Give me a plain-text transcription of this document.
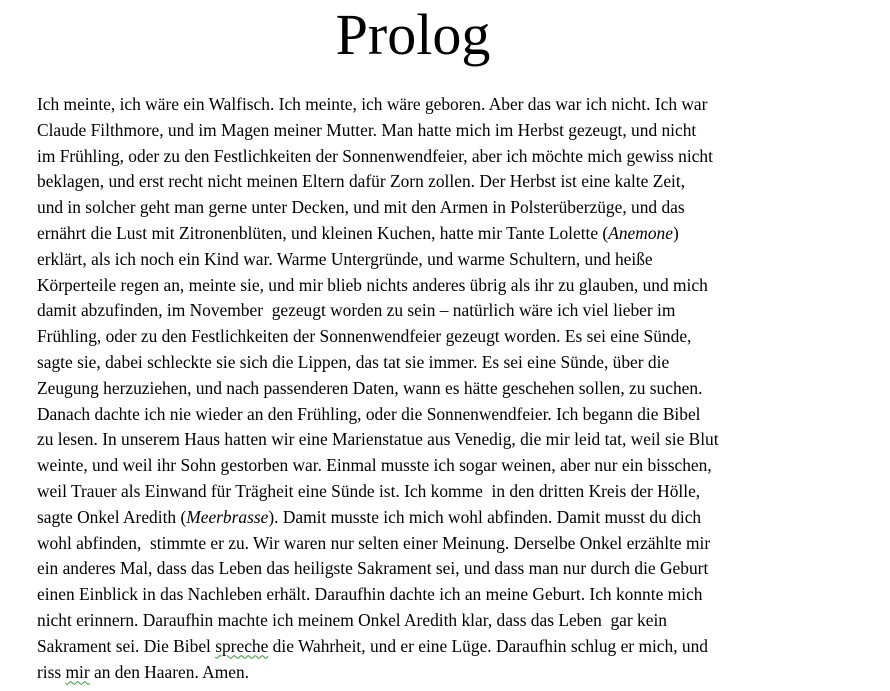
Prolog
Ich meinte, ich wäre ein Walfisch. Ich meinte, ich wäre geboren. Aber das war ich nicht. Ich war
Claude Filthmore, und im Magen meiner Mutter. Man hatte mich im Herbst gezeugt, und nicht
im Frühling, oder zu den Festlichkeiten der Sonnenwendfeier, aber ich möchte mich gewiss nicht
beklagen, und erst recht nicht meinen Eltern dafür Zorn zollen. Der Herbst ist eine kalte Zeit,
und in solcher geht man gerne unter Decken, und mit den Armen in Polsterüberzüge, und das
ernährt die Lust mit Zitronenblüten, und kleinen Kuchen, hatte mir Tante Lolette (Anemone)
erklärt, als ich noch ein Kind war. Warme Untergründe, und warme Schultern, und heiße
Körperteile regen an, meinte sie, und mir blieb nichts anderes übrig als ihr zu glauben, und mich
damit abzufinden, im November  gezeugt worden zu sein – natürlich wäre ich viel lieber im
Frühling, oder zu den Festlichkeiten der Sonnenwendfeier gezeugt worden. Es sei eine Sünde,
sagte sie, dabei schleckte sie sich die Lippen, das tat sie immer. Es sei eine Sünde, über die
Zeugung herzuziehen, und nach passenderen Daten, wann es hätte geschehen sollen, zu suchen.
Danach dachte ich nie wieder an den Frühling, oder die Sonnenwendfeier. Ich begann die Bibel
zu lesen. In unserem Haus hatten wir eine Marienstatue aus Venedig, die mir leid tat, weil sie Blut
weinte, und weil ihr Sohn gestorben war. Einmal musste ich sogar weinen, aber nur ein bisschen,
weil Trauer als Einwand für Trägheit eine Sünde ist. Ich komme  in den dritten Kreis der Hölle,
sagte Onkel Aredith (Meerbrasse). Damit musste ich mich wohl abfinden. Damit musst du dich
wohl abfinden,  stimmte er zu. Wir waren nur selten einer Meinung. Derselbe Onkel erzählte mir
ein anderes Mal, dass das Leben das heiligste Sakrament sei, und dass man nur durch die Geburt
einen Einblick in das Nachleben erhält. Daraufhin dachte ich an meine Geburt. Ich konnte mich
nicht erinnern. Daraufhin machte ich meinem Onkel Aredith klar, dass das Leben  gar kein
Sakrament sei. Die Bibel spreche die Wahrheit, und er eine Lüge. Daraufhin schlug er mich, und
riss mir an den Haaren. Amen.
